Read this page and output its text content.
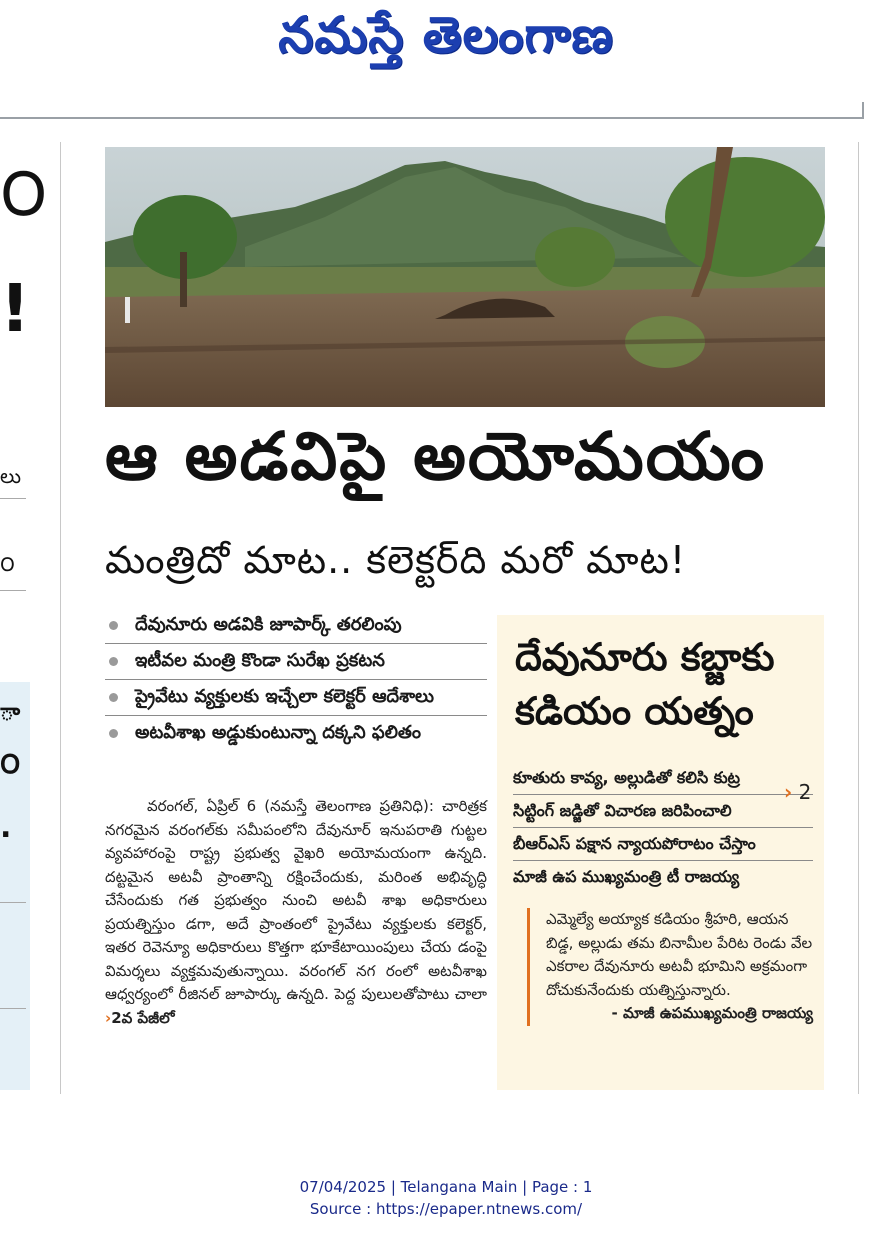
నమస్తే తెలంగాణ
౦
!
లు
౦
ా
౦
.
ఆ అడవిపై అయోమయం
మంత్రిదో మాట.. కలెక్టర్‌ది మరో మాట!
దేవునూరు అడవికి జూపార్క్‌ తరలింపు
ఇటీవల మంత్రి కొండా సురేఖ ప్రకటన
ప్రైవేటు వ్యక్తులకు ఇచ్చేలా కలెక్టర్‌ ఆదేశాలు
అటవీశాఖ అడ్డుకుంటున్నా దక్కని ఫలితం
వరంగల్‌, ఏప్రిల్‌ 6 (నమస్తే తెలంగాణ ప్రతినిధి): చారిత్రక నగరమైన వరంగల్‌కు సమీపంలోని దేవునూర్‌ ఇనుపరాతి గుట్టల వ్యవహారంపై రాష్ట్ర ప్రభుత్వ వైఖరి అయోమయంగా ఉన్నది. దట్టమైన అటవీ ప్రాంతాన్ని రక్షించేందుకు, మరింత అభివృద్ధి చేసేందుకు గత ప్రభుత్వం నుంచి అటవీ శాఖ అధికారులు ప్రయత్నిస్తుం డగా, అదే ప్రాంతంలో ప్రైవేటు వ్యక్తులకు కలెక్టర్‌, ఇతర రెవెన్యూ అధికారులు కొత్తగా భూకేటాయింపులు చేయ డంపై విమర్శలు వ్యక్తమవుతున్నాయి. వరంగల్‌ నగ రంలో అటవీశాఖ ఆధ్వర్యంలో రీజినల్‌ జూపార్కు ఉన్నది. పెద్ద పులులతోపాటు చాలా ›2వ పేజీలో
దేవునూరు కబ్జాకు
కడియం యత్నం
కూతురు కావ్య, అల్లుడితో కలిసి కుట్ర
సిట్టింగ్‌ జడ్జితో విచారణ జరిపించాలి
బీఆర్‌ఎస్‌ పక్షాన న్యాయపోరాటం చేస్తాం
మాజీ ఉప ముఖ్యమంత్రి టీ రాజయ్య
› 2
ఎమ్మెల్యే అయ్యాక కడియం శ్రీహరి, ఆయన బిడ్డ, అల్లుడు తమ బినామీల పేరిట రెండు వేల ఎకరాల దేవునూరు అటవీ భూమిని అక్రమంగా దోచుకునేందుకు యత్నిస్తున్నారు.
- మాజీ ఉపముఖ్యమంత్రి రాజయ్య
07/04/2025 | Telangana Main | Page : 1
Source : https://epaper.ntnews.com/
